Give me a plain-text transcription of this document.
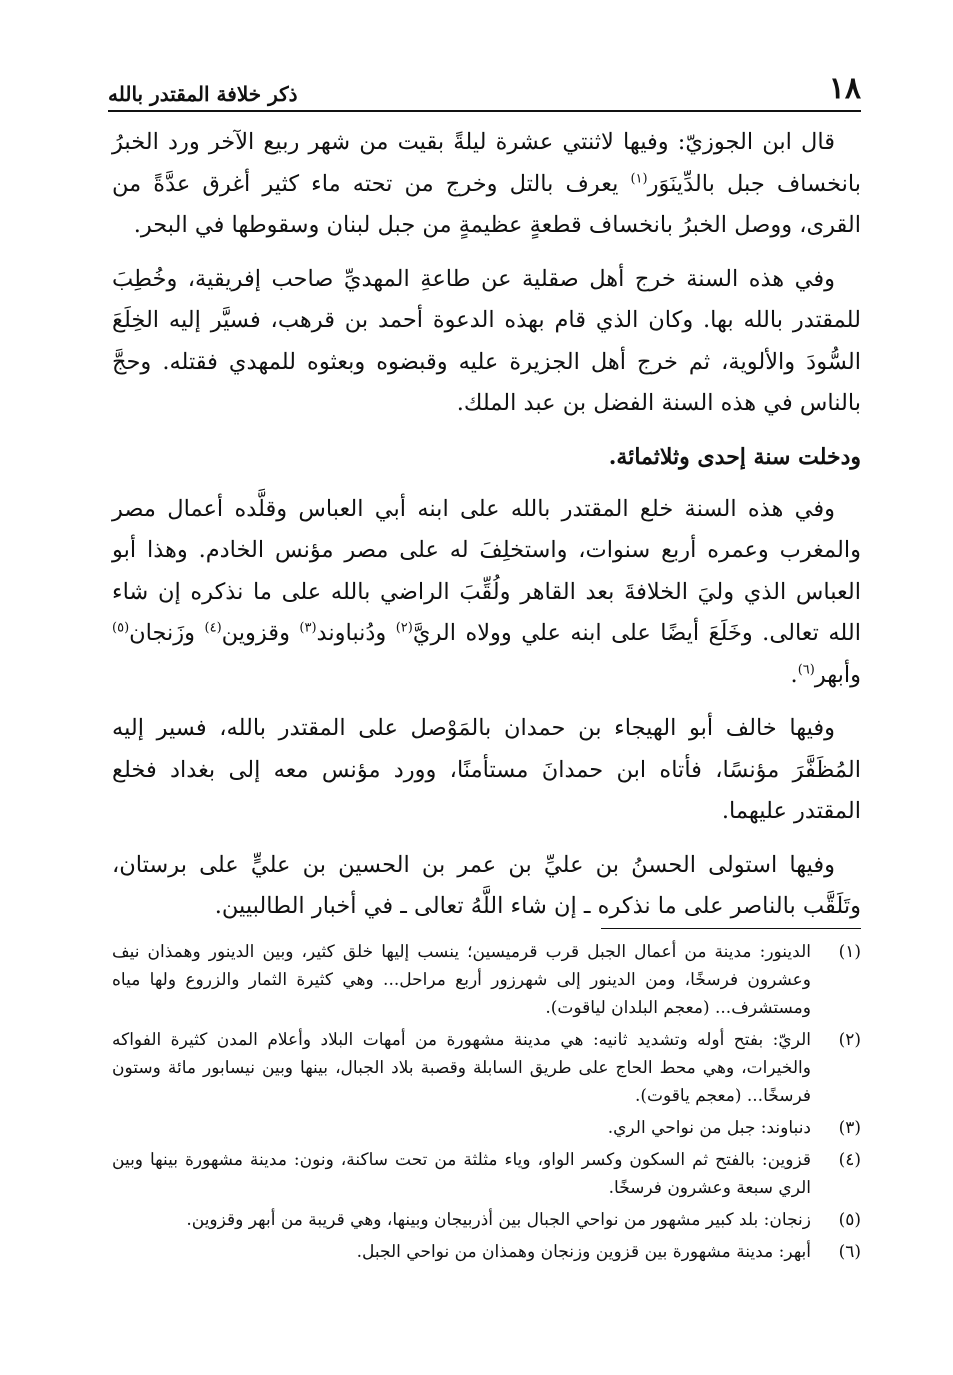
١٨
ذكر خلافة المقتدر بالله

قال ابن الجوزيّ: وفيها لاثنتي عشرة ليلةً بقيت من شهر ربيع الآخر ورد الخبرُ بانخساف جبل بالدِّينَوَر$^{(١)}$ يعرف بالتل وخرج من تحته ماء كثير أغرق عدَّةً من القرى، ووصل الخبرُ بانخساف قطعةٍ عظيمةٍ من جبل لبنان وسقوطها في البحر.

وفي هذه السنة خرج أهل صقلية عن طاعةِ المهديِّ صاحب إفريقية، وخُطِبَ للمقتدر بالله بها. وكان الذي قام بهذه الدعوة أحمد بن قرهب، فسيَّر إليه الخِلَعَ السُّودَ والألوية، ثم خرج أهل الجزيرة عليه وقبضوه وبعثوه للمهدي فقتله. وحجَّ بالناس في هذه السنة الفضل بن عبد الملك.

ودخلت سنة إحدى وثلاثمائة.

وفي هذه السنة خلع المقتدر بالله على ابنه أبي العباس وقلَّده أعمال مصر والمغرب وعمره أربع سنوات، واستخلِفَ له على مصر مؤنس الخادم. وهذا أبو العباس الذي وليَ الخلافةَ بعد القاهر ولُقِّبَ الراضي بالله على ما نذكره إن شاء الله تعالى. وخَلَعَ أيضًا على ابنه علي وولاه الريَّ$^{(٢)}$ ودُنباوند$^{(٣)}$ وقزوين$^{(٤)}$ وزَنجان$^{(٥)}$ وأبهر$^{(٦)}$.

وفيها خالف أبو الهيجاء بن حمدان بالمَوْصل على المقتدر بالله، فسير إليه المُظَفَّرَ مؤنسًا، فأتاه ابن حمدانَ مستأمنًا، وورد مؤنس معه إلى بغداد فخلع المقتدر عليهما.

وفيها استولى الحسنُ بن عليِّ بن عمر بن الحسين بن عليٍّ على برستان، وتَلَقَّب بالناصر على ما نذكره ـ إن شاء اللَّهُ تعالى ـ في أخبار الطالبيين.

(١)
الدينور: مدينة من أعمال الجبل قرب قرميسين؛ ينسب إليها خلق كثير، وبين الدينور وهمذان نيف وعشرون فرسخًا، ومن الدينور إلى شهرزور أربع مراحل... وهي كثيرة الثمار والزروع ولها مياه ومستشرف... (معجم البلدان لياقوت).
(٢)
الريّ: بفتح أوله وتشديد ثانيه: هي مدينة مشهورة من أمهات البلاد وأعلام المدن كثيرة الفواكه والخيرات، وهي محط الحاج على طريق السابلة وقصبة بلاد الجبال، بينها وبين نيسابور مائة وستون فرسخًا... (معجم ياقوت).
(٣)
دنباوند: جبل من نواحي الري.
(٤)
قزوين: بالفتح ثم السكون وكسر الواو، وياء مثلثة من تحت ساكنة، ونون: مدينة مشهورة بينها وبين الري سبعة وعشرون فرسخًا.
(٥)
زنجان: بلد كبير مشهور من نواحي الجبال بين أذربيجان وبينها، وهي قريبة من أبهر وقزوين.
(٦)
أبهر: مدينة مشهورة بين قزوين وزنجان وهمذان من نواحي الجبل.
